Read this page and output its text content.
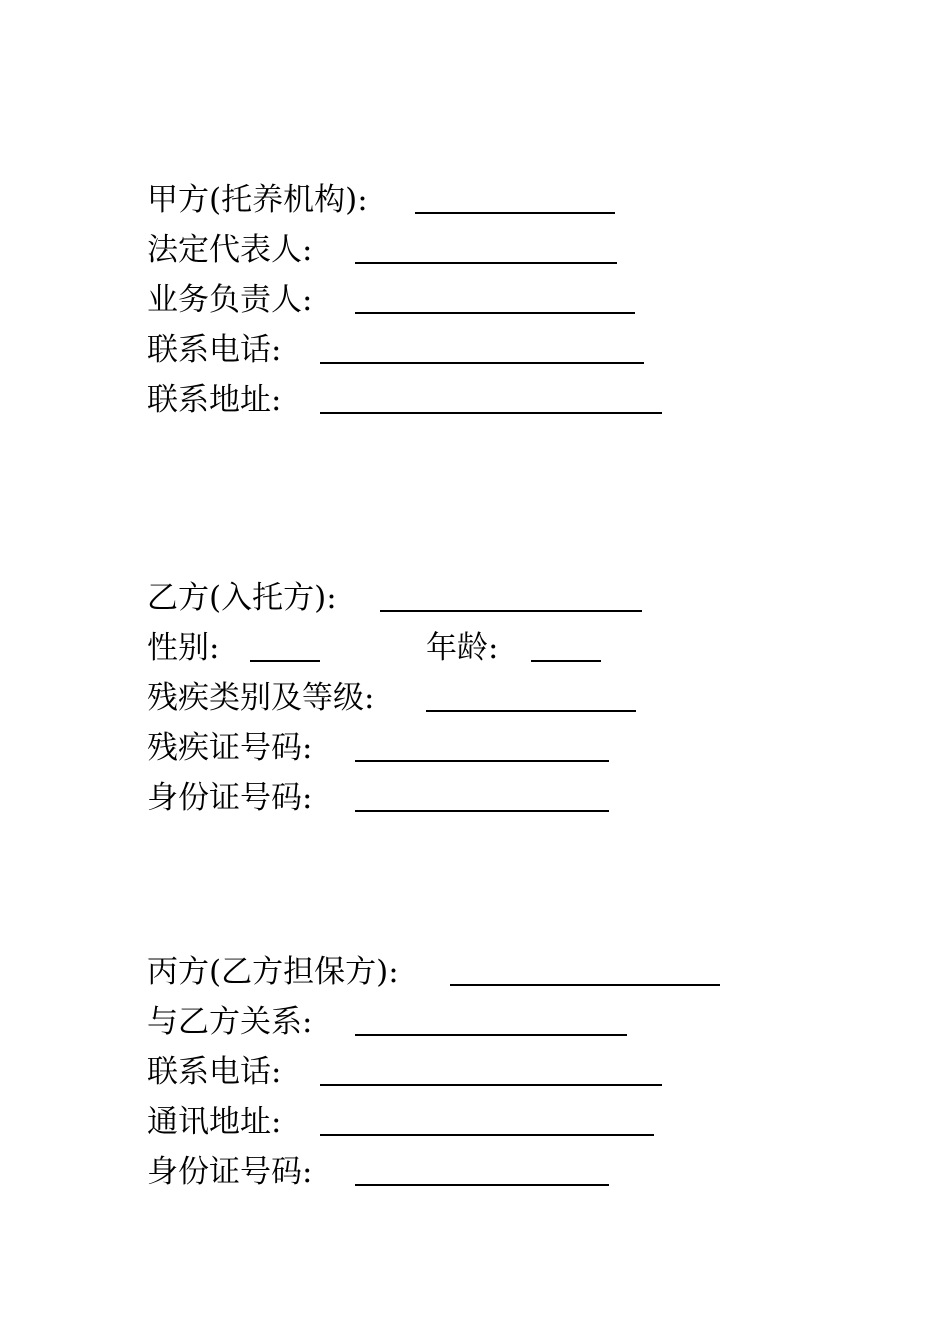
甲方(托养机构):
法定代表人:
业务负责人:
联系电话:
联系地址:
乙方(入托方):
性别:	年龄:
残疾类别及等级:
残疾证号码:
身份证号码:
丙方(乙方担保方):
与乙方关系:
联系电话:
通讯地址:
身份证号码:
